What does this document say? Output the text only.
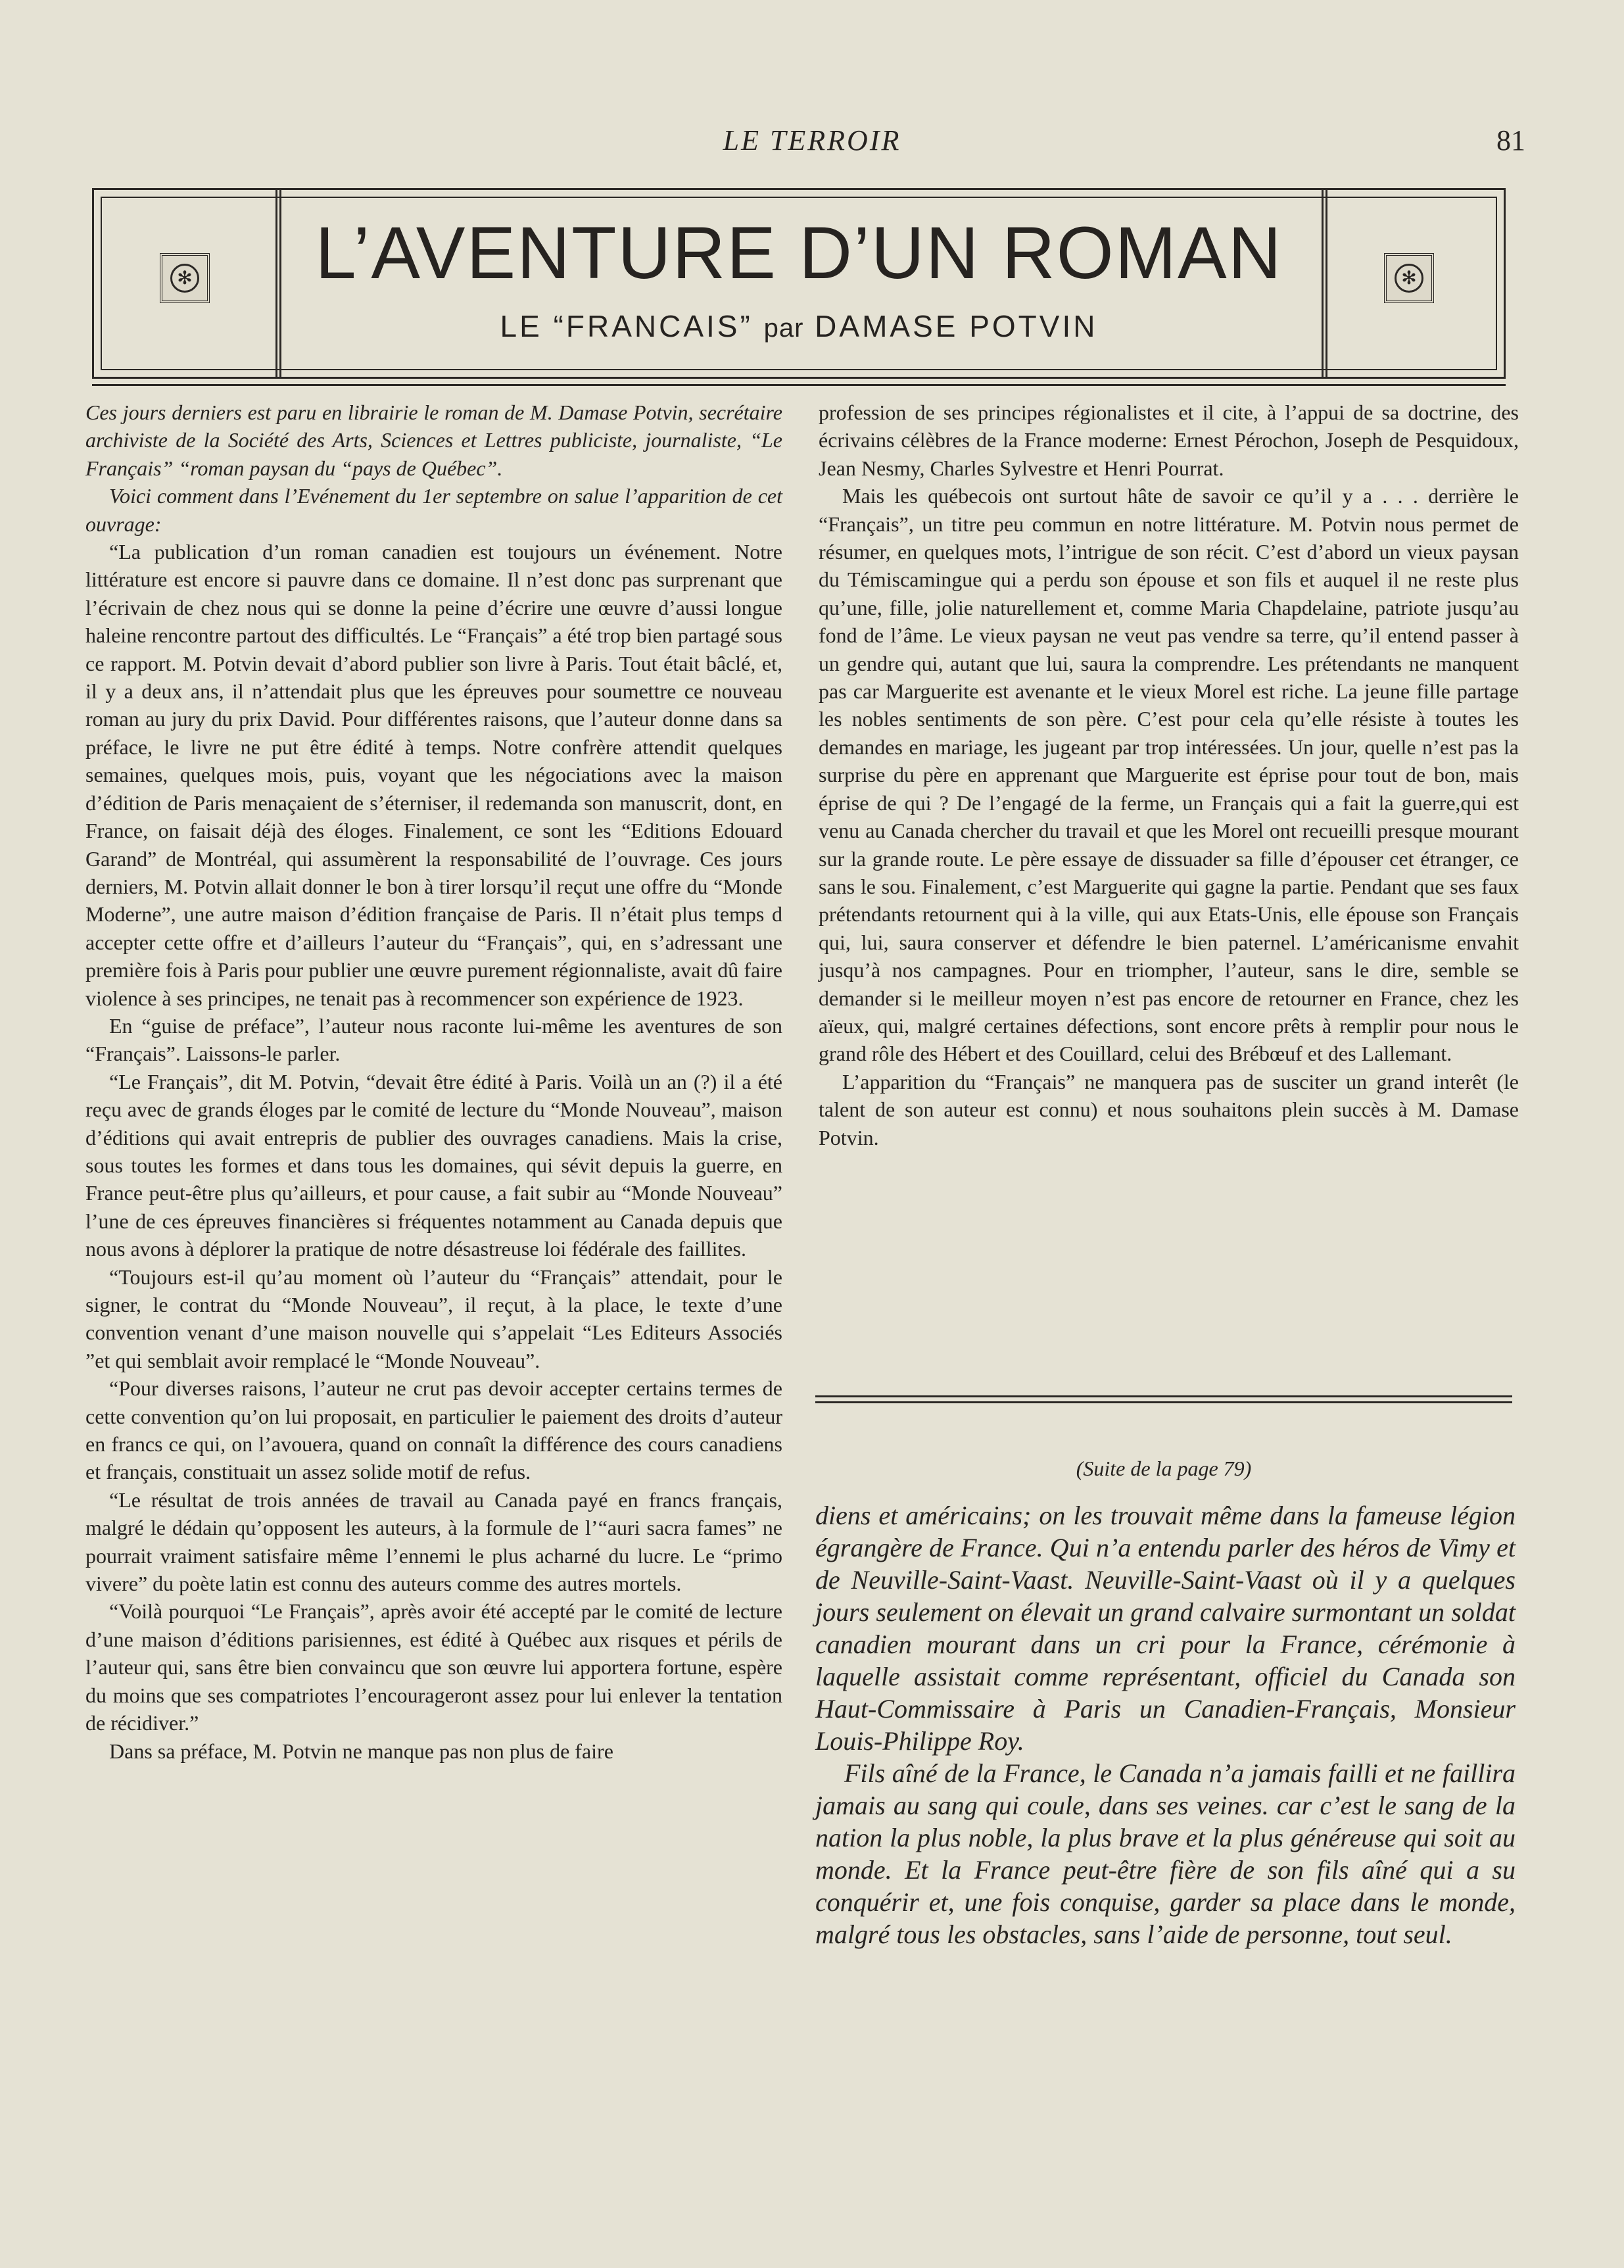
LE TERROIR	81
✻	✻
L’AVENTURE D’UN ROMAN
LE “FRANCAIS” par DAMASE POTVIN

Ces jours derniers est paru en librairie le roman de M. Damase Potvin, secrétaire archiviste de la Société des Arts, Sciences et Lettres publiciste, journaliste, “Le Français” “roman paysan du “pays de Québec”.

Voici comment dans l’Evénement du 1er septembre on salue l’apparition de cet ouvrage:

“La publication d’un roman canadien est toujours un événement. Notre littérature est encore si pauvre dans ce domaine. Il n’est donc pas surprenant que l’écrivain de chez nous qui se donne la peine d’écrire une œuvre d’aussi longue haleine rencontre partout des difficultés. Le “Français” a été trop bien partagé sous ce rapport. M. Potvin devait d’abord publier son livre à Paris. Tout était bâclé, et, il y a deux ans, il n’attendait plus que les épreuves pour soumettre ce nouveau roman au jury du prix David. Pour différentes raisons, que l’auteur donne dans sa préface, le livre ne put être édité à temps. Notre confrère attendit quelques semaines, quelques mois, puis, voyant que les négociations avec la maison d’édition de Paris menaçaient de s’éterniser, il redemanda son manuscrit, dont, en France, on faisait déjà des éloges. Finalement, ce sont les “Editions Edouard Garand” de Montréal, qui assumèrent la responsabilité de l’ouvrage. Ces jours derniers, M. Potvin allait donner le bon à tirer lorsqu’il reçut une offre du “Monde Moderne”, une autre maison d’édition française de Paris. Il n’était plus temps d accepter cette offre et d’ailleurs l’auteur du “Français”, qui, en s’adressant une première fois à Paris pour publier une œuvre purement régionnaliste, avait dû faire violence à ses principes, ne tenait pas à recommencer son expérience de 1923.

En “guise de préface”, l’auteur nous raconte lui-même les aventures de son “Français”. Laissons-le parler.

“Le Français”, dit M. Potvin, “devait être édité à Paris. Voilà un an (?) il a été reçu avec de grands éloges par le comité de lecture du “Monde Nouveau”, maison d’éditions qui avait entrepris de publier des ouvrages canadiens. Mais la crise, sous toutes les formes et dans tous les domaines, qui sévit depuis la guerre, en France peut-être plus qu’ailleurs, et pour cause, a fait subir au “Monde Nouveau” l’une de ces épreuves financières si fréquentes notamment au Canada depuis que nous avons à déplorer la pratique de notre désastreuse loi fédérale des faillites.

“Toujours est-il qu’au moment où l’auteur du “Français” attendait, pour le signer, le contrat du “Monde Nouveau”, il reçut, à la place, le texte d’une convention venant d’une maison nouvelle qui s’appelait “Les Editeurs Associés ”et qui semblait avoir remplacé le “Monde Nouveau”.

“Pour diverses raisons, l’auteur ne crut pas devoir accepter certains termes de cette convention qu’on lui proposait, en particulier le paiement des droits d’auteur en francs ce qui, on l’avouera, quand on connaît la différence des cours canadiens et français, constituait un assez solide motif de refus.

“Le résultat de trois années de travail au Canada payé en francs français, malgré le dédain qu’opposent les auteurs, à la formule de l’“auri sacra fames” ne pourrait vraiment satisfaire même l’ennemi le plus acharné du lucre. Le “primo vivere” du poète latin est connu des auteurs comme des autres mortels.

“Voilà pourquoi “Le Français”, après avoir été accepté par le comité de lecture d’une maison d’éditions parisiennes, est édité à Québec aux risques et périls de l’auteur qui, sans être bien convaincu que son œuvre lui apportera fortune, espère du moins que ses compatriotes l’encourageront assez pour lui enlever la tentation de récidiver.”

Dans sa préface, M. Potvin ne manque pas non plus de faire

profession de ses principes régionalistes et il cite, à l’appui de sa doctrine, des écrivains célèbres de la France moderne: Ernest Pérochon, Joseph de Pesquidoux, Jean Nesmy, Charles Sylvestre et Henri Pourrat.

Mais les québecois ont surtout hâte de savoir ce qu’il y a . . . derrière le “Français”, un titre peu commun en notre littérature. M. Potvin nous permet de résumer, en quelques mots, l’intrigue de son récit. C’est d’abord un vieux paysan du Témiscamingue qui a perdu son épouse et son fils et auquel il ne reste plus qu’une, fille, jolie naturellement et, comme Maria Chapdelaine, patriote jusqu’au fond de l’âme. Le vieux paysan ne veut pas vendre sa terre, qu’il entend passer à un gendre qui, autant que lui, saura la comprendre. Les prétendants ne manquent pas car Marguerite est avenante et le vieux Morel est riche. La jeune fille partage les nobles sentiments de son père. C’est pour cela qu’elle résiste à toutes les demandes en mariage, les jugeant par trop intéressées. Un jour, quelle n’est pas la surprise du père en apprenant que Marguerite est éprise pour tout de bon, mais éprise de qui ? De l’engagé de la ferme, un Français qui a fait la guerre,qui est venu au Canada chercher du travail et que les Morel ont recueilli presque mourant sur la grande route. Le père essaye de dissuader sa fille d’épouser cet étranger, ce sans le sou. Finalement, c’est Marguerite qui gagne la partie. Pendant que ses faux prétendants retournent qui à la ville, qui aux Etats-Unis, elle épouse son Français qui, lui, saura conserver et défendre le bien paternel. L’américanisme envahit jusqu’à nos campagnes. Pour en triompher, l’auteur, sans le dire, semble se demander si le meilleur moyen n’est pas encore de retourner en France, chez les aïeux, qui, malgré certaines défections, sont encore prêts à remplir pour nous le grand rôle des Hébert et des Couillard, celui des Brébœuf et des Lallemant.

L’apparition du “Français” ne manquera pas de susciter un grand interêt (le talent de son auteur est connu) et nous souhaitons plein succès à M. Damase Potvin.

(Suite de la page 79)

diens et américains; on les trouvait même dans la fameuse légion égrangère de France. Qui n’a entendu parler des héros de Vimy et de Neuville-Saint-Vaast. Neuville-Saint-Vaast où il y a quelques jours seulement on élevait un grand calvaire surmontant un soldat canadien mourant dans un cri pour la France, cérémonie à laquelle assistait comme représentant, officiel du Canada son Haut-Commissaire à Paris un Canadien-Français, Monsieur Louis-Philippe Roy.

Fils aîné de la France, le Canada n’a jamais failli et ne faillira jamais au sang qui coule, dans ses veines. car c’est le sang de la nation la plus noble, la plus brave et la plus généreuse qui soit au monde. Et la France peut-être fière de son fils aîné qui a su conquérir et, une fois conquise, garder sa place dans le monde, malgré tous les obstacles, sans l’aide de personne, tout seul.
